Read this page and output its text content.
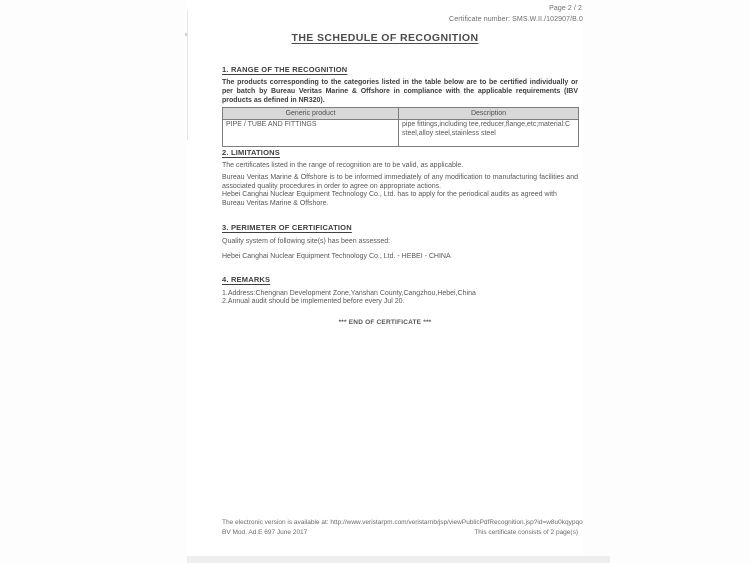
Page 2 / 2
Certificate number: SMS.W.II./102907/B.0
THE SCHEDULE OF RECOGNITION
1. RANGE OF THE RECOGNITION
The products corresponding to the categories listed in the table below are to be certified individually or per batch by Bureau Veritas Marine & Offshore in compliance with the applicable requirements (IBV products as defined in NR320).
Generic product	Description
PIPE / TUBE AND FITTINGS	pipe fittings,including tee,reducer,flange,etc;material:C steel,alloy steel,stainless steel
2. LIMITATIONS
The certificates listed in the range of recognition are to be valid, as applicable.
Bureau Veritas Marine & Offshore is to be informed immediately of any modification to manufacturing facilities and associated quality procedures in order to agree on appropriate actions.
Hebei Canghai Nuclear Equipment Technology Co., Ltd. has to apply for the periodical audits as agreed with Bureau Veritas Marine & Offshore.
3. PERIMETER OF CERTIFICATION
Quality system of following site(s) has been assessed:
Hebei Canghai Nuclear Equipment Technology Co., Ltd. - HEBEI - CHINA
4. REMARKS
1.Address:Chengnan Development Zone,Yanshan County,Cangzhou,Hebei,China
2.Annual audit should be implemented before every Jul 20.
*** END OF CERTIFICATE ***
The electronic version is available at: http://www.veristarpm.com/veristarnb/jsp/viewPublicPdfRecognition.jsp?id=w8u0kqypqo
BV Mod. Ad.E 697 June 2017	This certificate consists of 2 page(s)
